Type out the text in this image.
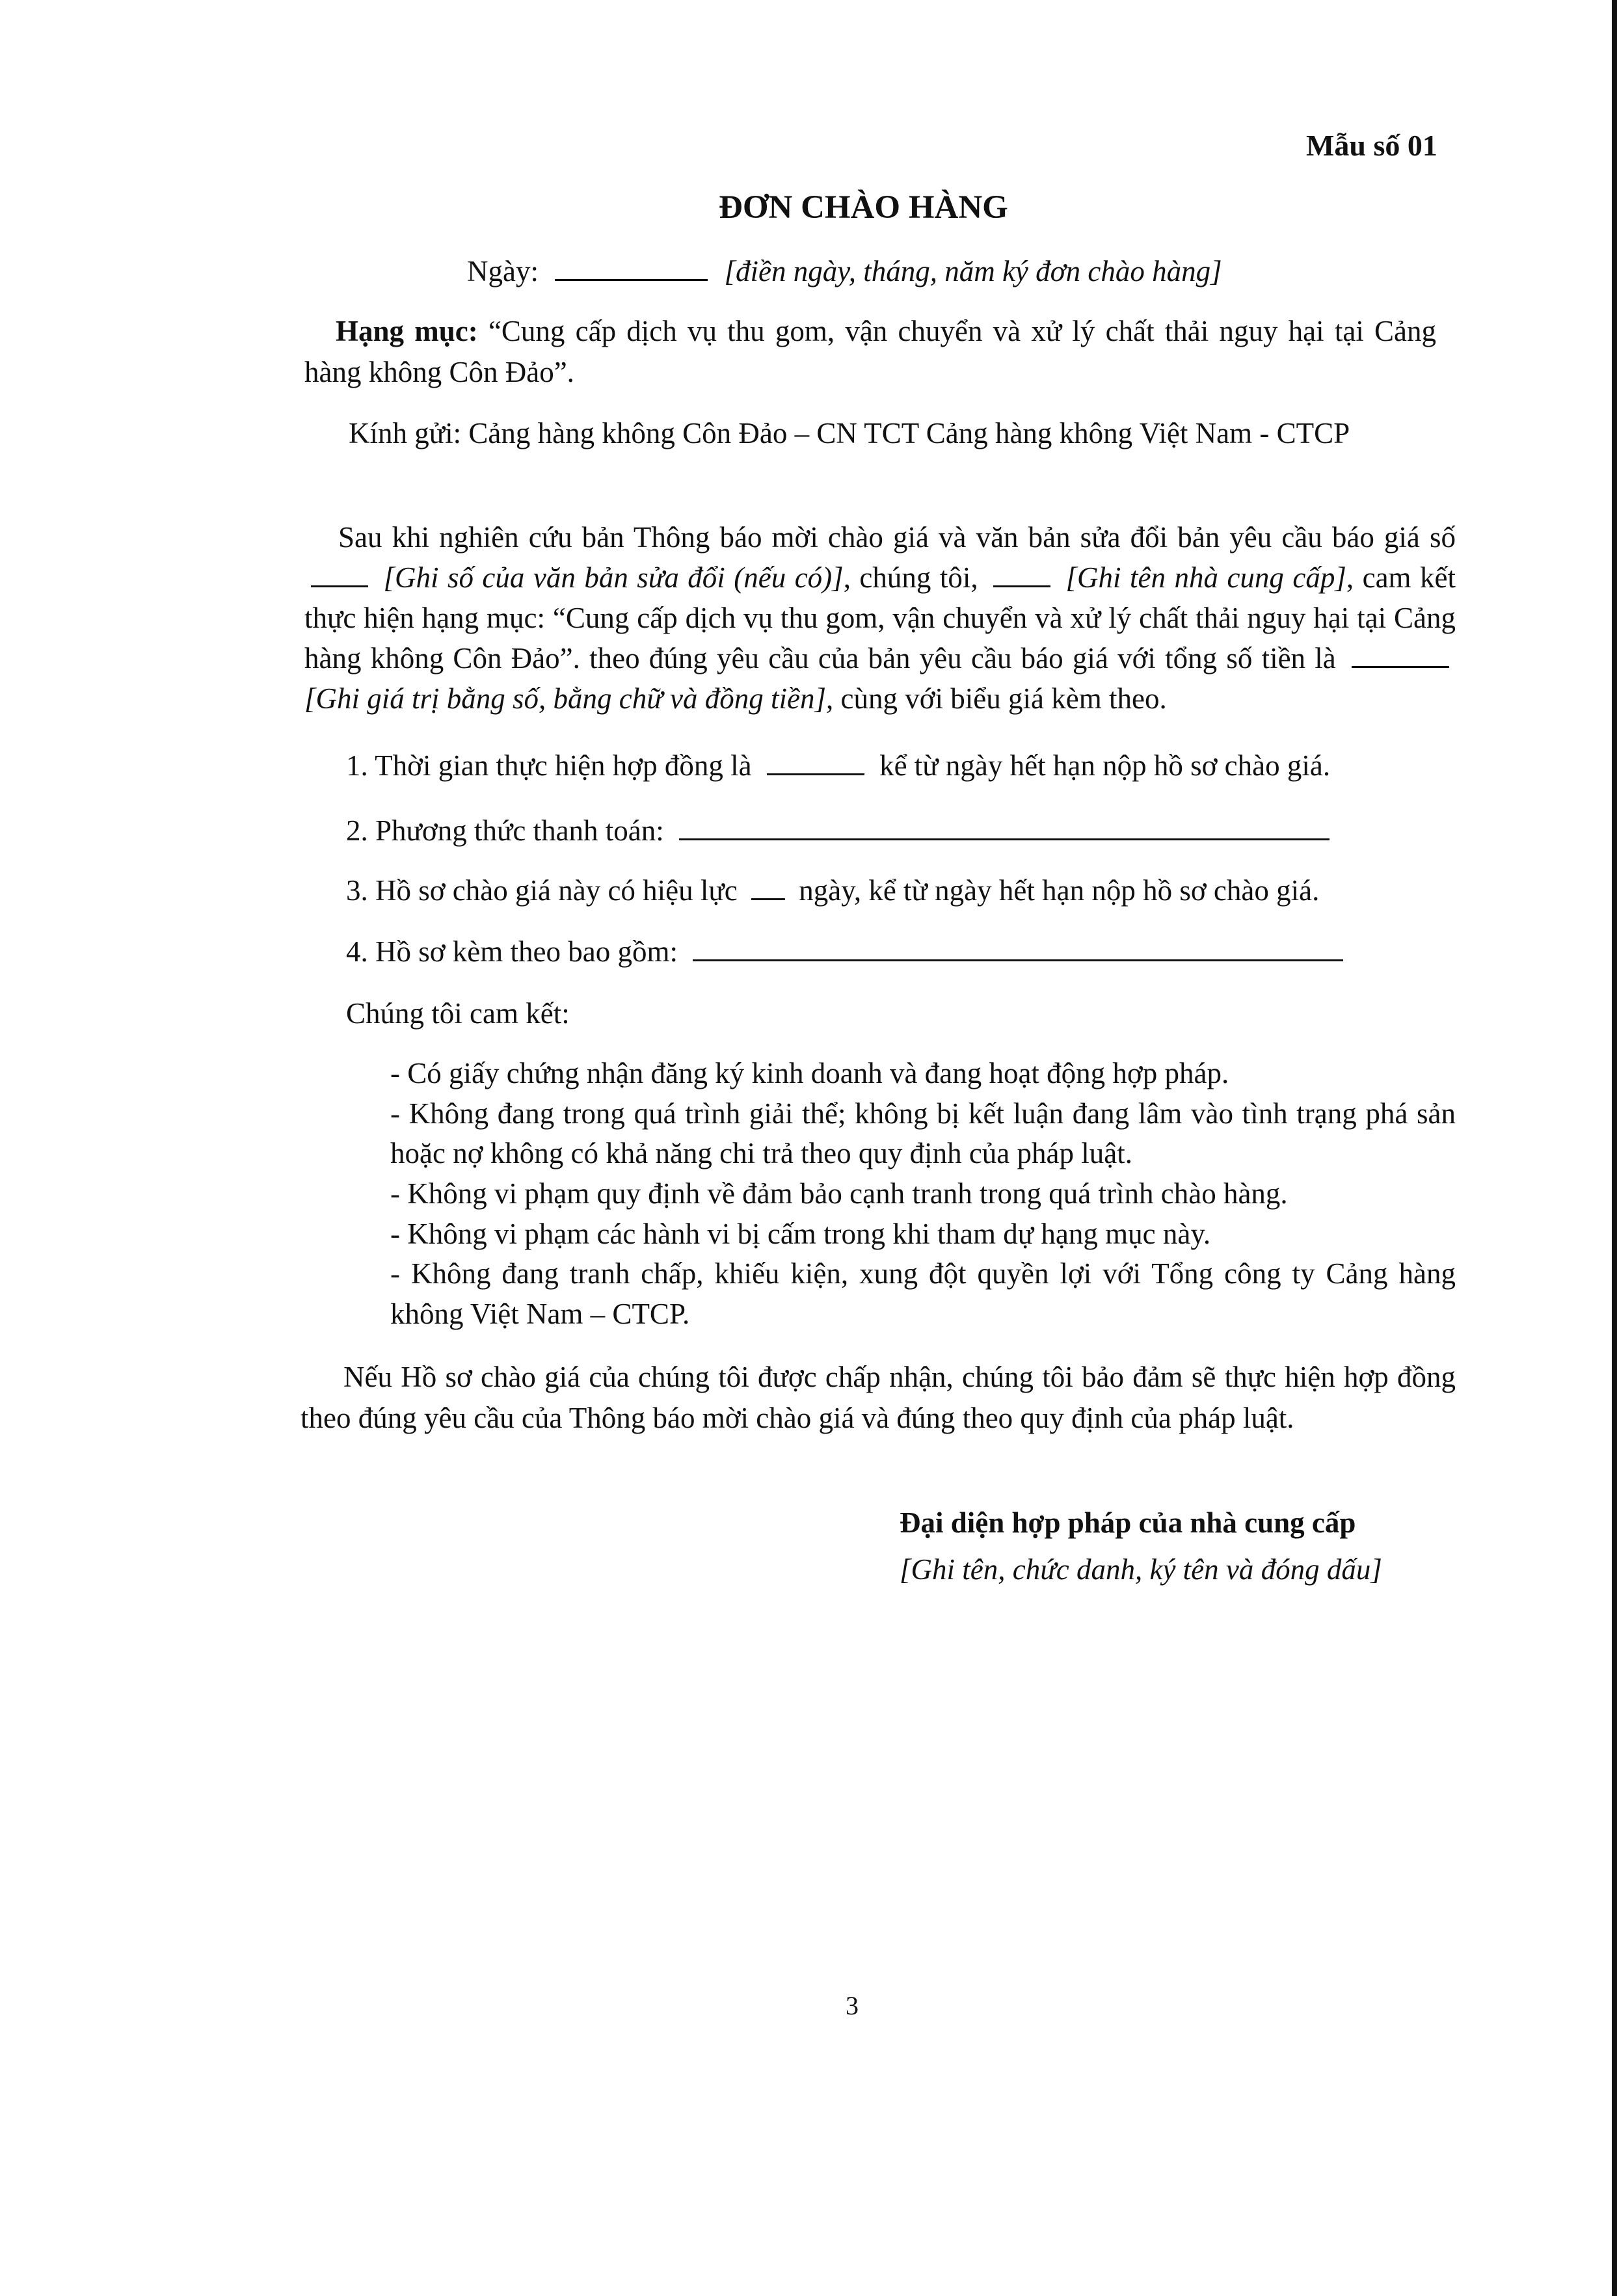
Mẫu số 01
ĐƠN CHÀO HÀNG
Ngày:	[điền ngày, tháng, năm ký đơn chào hàng]
Hạng mục: “Cung cấp dịch vụ thu gom, vận chuyển và xử lý chất thải nguy hại tại Cảng hàng không Côn Đảo”.
Kính gửi: Cảng hàng không Côn Đảo – CN TCT Cảng hàng không Việt Nam - CTCP
Sau khi nghiên cứu bản Thông báo mời chào giá và văn bản sửa đổi bản yêu cầu báo giá số  [Ghi số của văn bản sửa đổi (nếu có)], chúng tôi,	[Ghi tên nhà cung cấp], cam kết thực hiện hạng mục: “Cung cấp dịch vụ thu gom, vận chuyển và xử lý chất thải nguy hại tại Cảng hàng không Côn Đảo”. theo đúng yêu cầu của bản yêu cầu báo giá với tổng số tiền là  [Ghi giá trị bằng số, bằng chữ và đồng tiền], cùng với biểu giá kèm theo.
1. Thời gian thực hiện hợp đồng là	kể từ ngày hết hạn nộp hồ sơ chào giá.
2. Phương thức thanh toán:
3. Hồ sơ chào giá này có hiệu lực ngày, kể từ ngày hết hạn nộp hồ sơ chào giá.
4. Hồ sơ kèm theo bao gồm:
Chúng tôi cam kết:
- Có giấy chứng nhận đăng ký kinh doanh và đang hoạt động hợp pháp.
- Không đang trong quá trình giải thể; không bị kết luận đang lâm vào tình trạng phá sản hoặc nợ không có khả năng chi trả theo quy định của pháp luật.
- Không vi phạm quy định về đảm bảo cạnh tranh trong quá trình chào hàng.
- Không vi phạm các hành vi bị cấm trong khi tham dự hạng mục này.
- Không đang tranh chấp, khiếu kiện, xung đột quyền lợi với Tổng công ty Cảng hàng không Việt Nam – CTCP.
Nếu Hồ sơ chào giá của chúng tôi được chấp nhận, chúng tôi bảo đảm sẽ thực hiện hợp đồng theo đúng yêu cầu của Thông báo mời chào giá và đúng theo quy định của pháp luật.
Đại diện hợp pháp của nhà cung cấp
[Ghi tên, chức danh, ký tên và đóng dấu]
3
